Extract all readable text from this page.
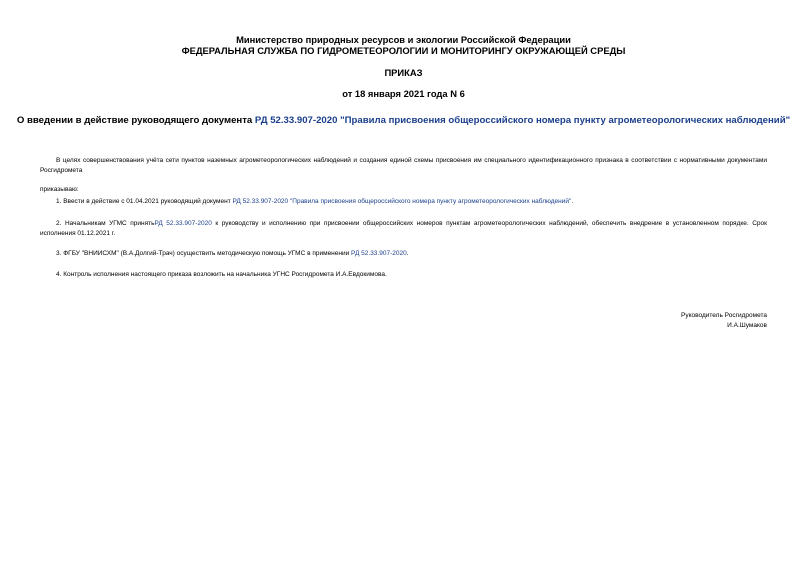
Министерство природных ресурсов и экологии Российской Федерации
ФЕДЕРАЛЬНАЯ СЛУЖБА ПО ГИДРОМЕТЕОРОЛОГИИ И МОНИТОРИНГУ ОКРУЖАЮЩЕЙ СРЕДЫ
ПРИКАЗ
от 18 января 2021 года N 6
О введении в действие руководящего документа РД 52.33.907-2020 "Правила присвоения общероссийского номера пункту агрометеорологических наблюдений"
В целях совершенствования учёта сети пунктов наземных агрометеорологических наблюдений и создания единой схемы присвоения им специального идентификационного признака в соответствии с нормативными документами Росгидромета
приказываю:
1. Ввести в действие с 01.04.2021 руководящий документ РД 52.33.907-2020 "Правила присвоения общероссийского номера пункту агрометеорологических наблюдений".
2. Начальникам УГМС принятьРД 52.33.907-2020 к руководству и исполнению при присвоении общероссийских номеров пунктам агрометеорологических наблюдений, обеспечить внедрение в установленном порядке. Срок исполнения 01.12.2021 г.
3. ФГБУ "ВНИИСХМ" (В.А.Долгий-Трач) осуществить методическую помощь УГМС в применении РД 52.33.907-2020.
4. Контроль исполнения настоящего приказа возложить на начальника УГНС Росгидромета И.А.Евдокимова.
Руководитель Росгидромета
И.А.Шумаков
